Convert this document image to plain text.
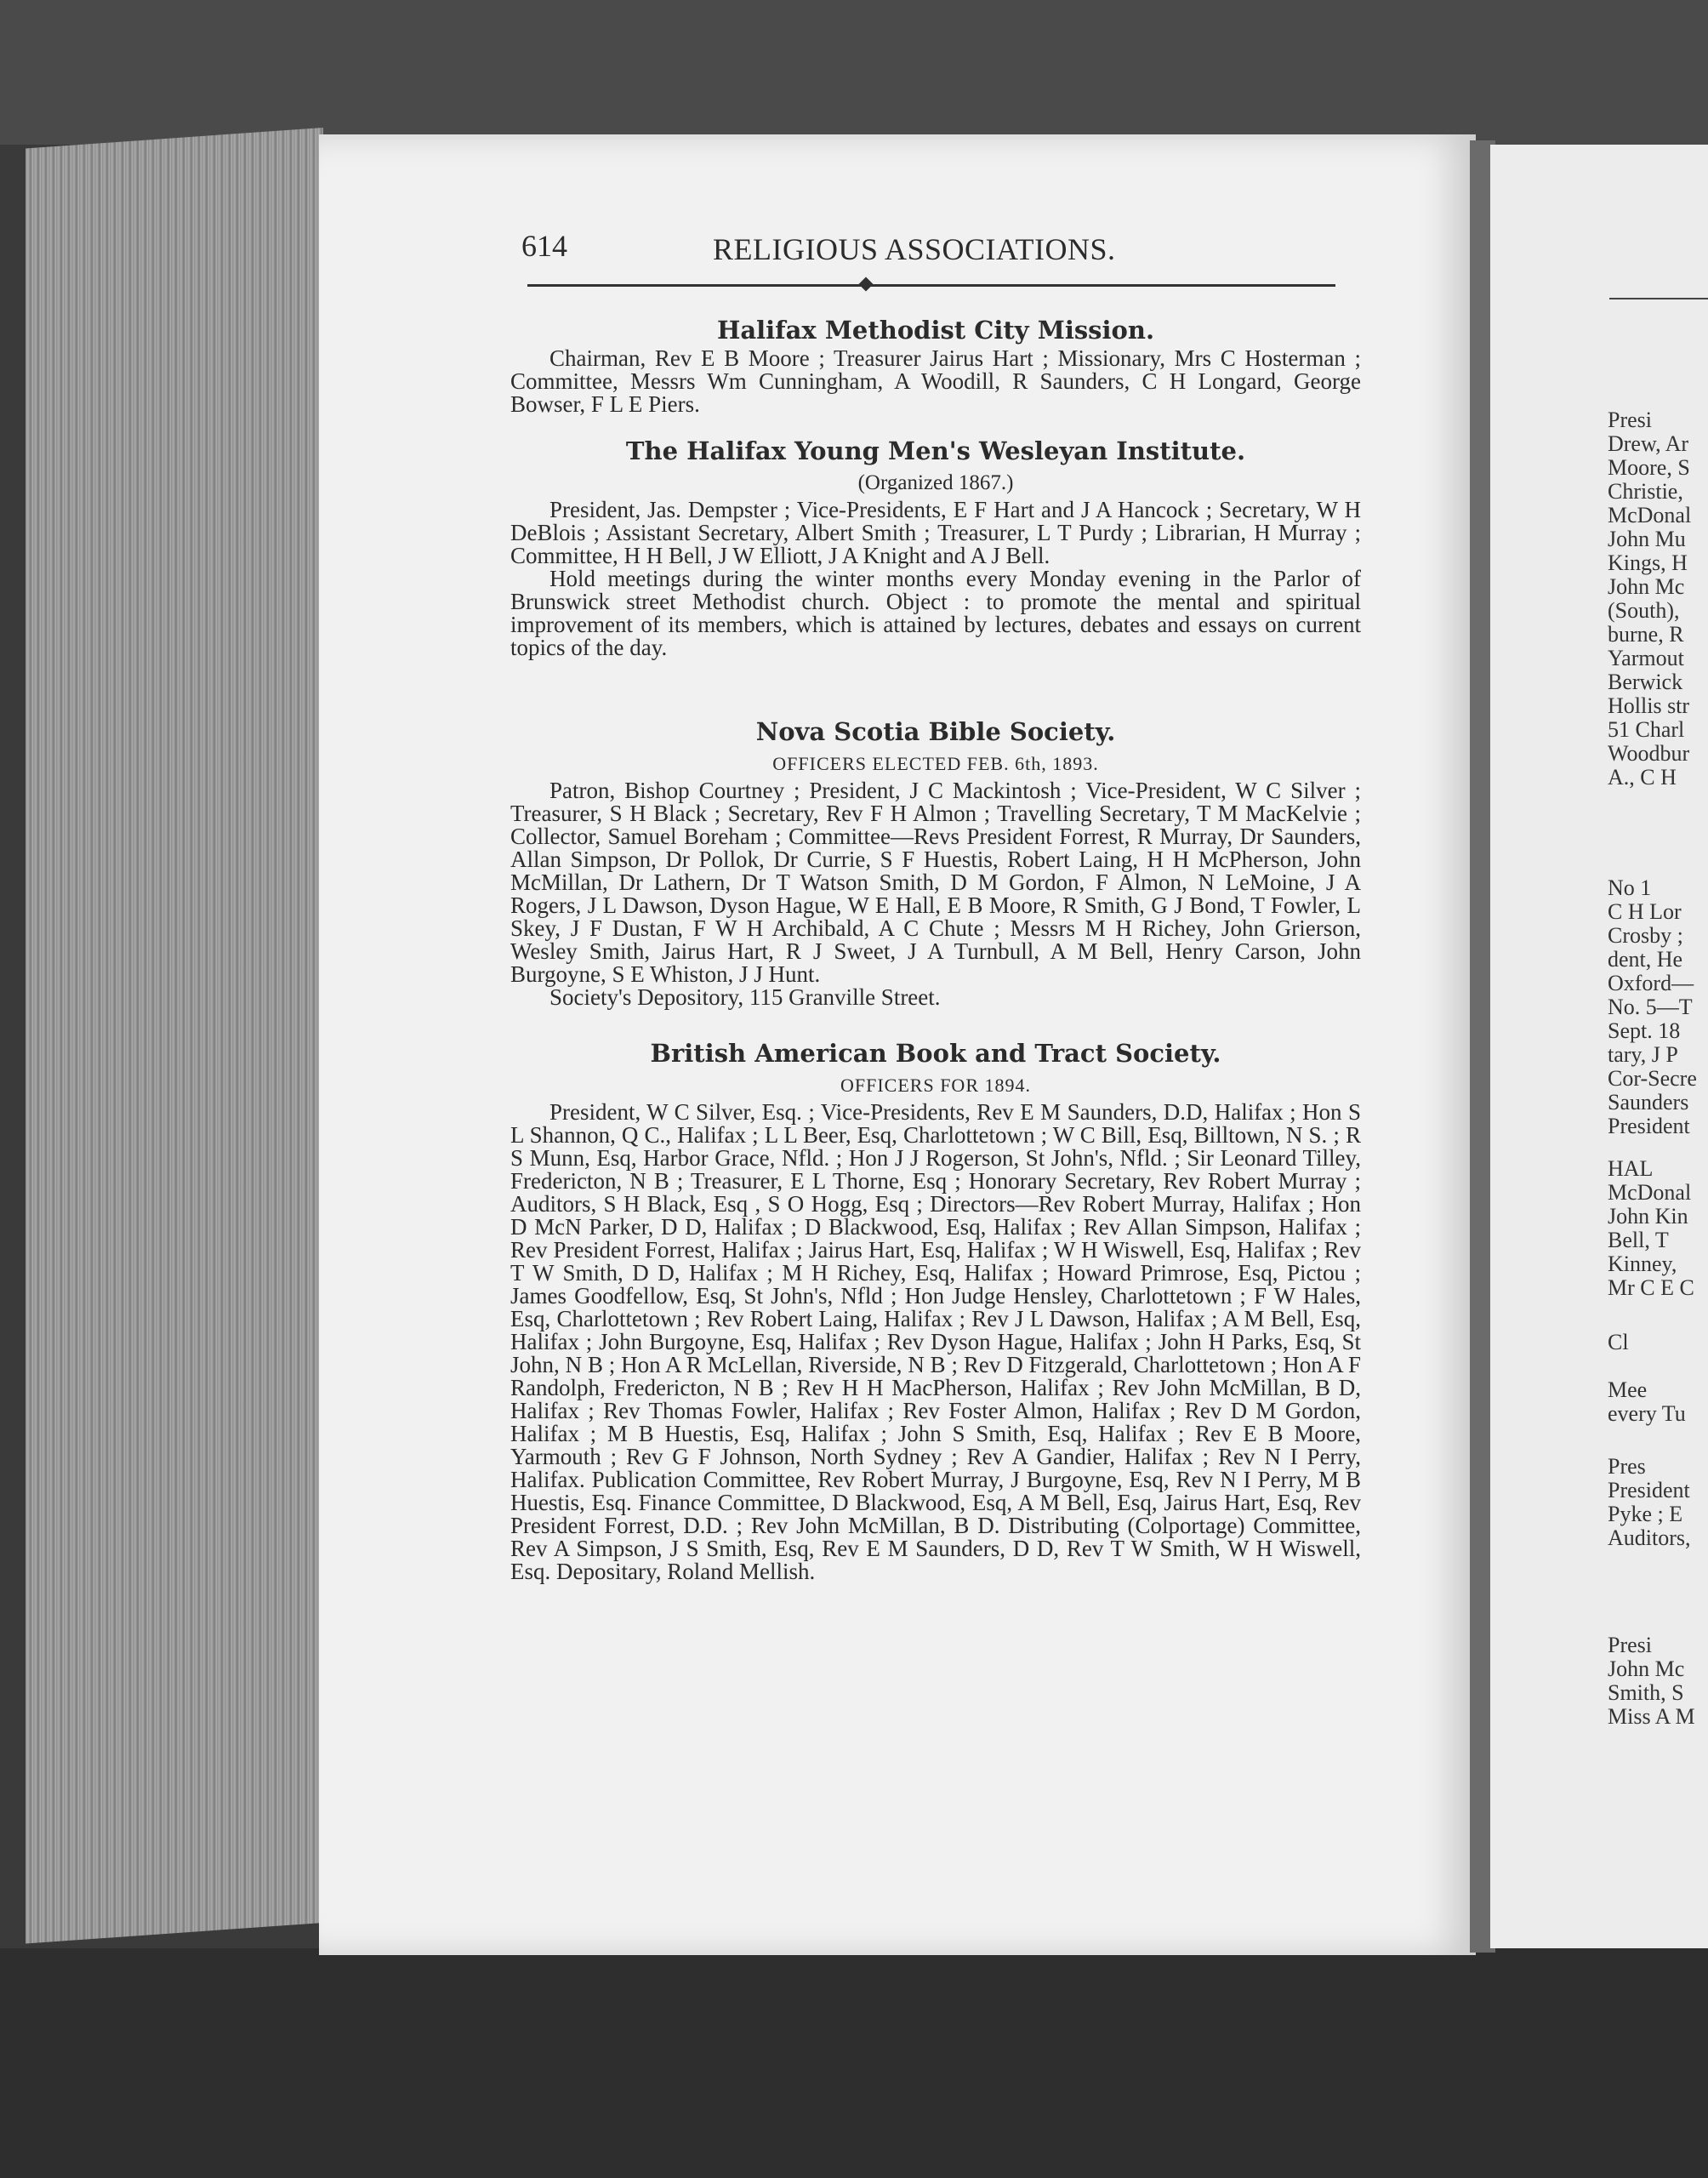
614	RELIGIOUS ASSOCIATIONS.
Halifax Methodist City Mission.

Chairman, Rev E B Moore ; Treasurer Jairus Hart ; Missionary, Mrs C Hosterman ; Committee, Messrs Wm Cunningham, A Woodill, R Saunders, C H Longard, George Bowser, F L E Piers.

The Halifax Young Men's Wesleyan Institute.
(Organized 1867.)

President, Jas. Dempster ; Vice-Presidents, E F Hart and J A Hancock ; Secretary, W H DeBlois ; Assistant Secretary, Albert Smith ; Treasurer, L T Purdy ; Librarian, H Murray ; Committee, H H Bell, J W Elliott, J A Knight and A J Bell.

Hold meetings during the winter months every Monday evening in the Parlor of Brunswick street Methodist church. Object : to promote the mental and spiritual improvement of its members, which is attained by lectures, debates and essays on current topics of the day.

Nova Scotia Bible Society.
OFFICERS ELECTED FEB. 6th, 1893.

Patron, Bishop Courtney ; President, J C Mackintosh ; Vice-President, W C Silver ; Treasurer, S H Black ; Secretary, Rev F H Almon ; Travelling Secretary, T M MacKelvie ; Collector, Samuel Boreham ; Committee—Revs President Forrest, R Murray, Dr Saunders, Allan Simpson, Dr Pollok, Dr Currie, S F Huestis, Robert Laing, H H McPherson, John McMillan, Dr Lathern, Dr T Watson Smith, D M Gordon, F Almon, N LeMoine, J A Rogers, J L Dawson, Dyson Hague, W E Hall, E B Moore, R Smith, G J Bond, T Fowler, L Skey, J F Dustan, F W H Archibald, A C Chute ; Messrs M H Richey, John Grierson, Wesley Smith, Jairus Hart, R J Sweet, J A Turnbull, A M Bell, Henry Carson, John Burgoyne, S E Whiston, J J Hunt.

Society's Depository, 115 Granville Street.

British American Book and Tract Society.
OFFICERS FOR 1894.

President, W C Silver, Esq. ; Vice-Presidents, Rev E M Saunders, D.D, Halifax ; Hon S L Shannon, Q C., Halifax ; L L Beer, Esq, Charlottetown ; W C Bill, Esq, Billtown, N S. ; R S Munn, Esq, Harbor Grace, Nfld. ; Hon J J Rogerson, St John's, Nfld. ; Sir Leonard Tilley, Fredericton, N B ; Treasurer, E L Thorne, Esq ; Honorary Secretary, Rev Robert Murray ; Auditors, S H Black, Esq , S O Hogg, Esq ; Directors—Rev Robert Murray, Halifax ; Hon D McN Parker, D D, Halifax ; D Blackwood, Esq, Halifax ; Rev Allan Simpson, Halifax ; Rev President Forrest, Halifax ; Jairus Hart, Esq, Halifax ; W H Wiswell, Esq, Halifax ; Rev T W Smith, D D, Halifax ; M H Richey, Esq, Halifax ; Howard Primrose, Esq, Pictou ; James Goodfellow, Esq, St John's, Nfld ; Hon Judge Hensley, Charlottetown ; F W Hales, Esq, Charlottetown ; Rev Robert Laing, Halifax ; Rev J L Dawson, Halifax ; A M Bell, Esq, Halifax ; John Burgoyne, Esq, Halifax ; Rev Dyson Hague, Halifax ; John H Parks, Esq, St John, N B ; Hon A R McLellan, Riverside, N B ; Rev D Fitzgerald, Charlottetown ; Hon A F Randolph, Fredericton, N B ; Rev H H MacPherson, Halifax ; Rev John McMillan, B D, Halifax ; Rev Thomas Fowler, Halifax ; Rev Foster Almon, Halifax ; Rev D M Gordon, Halifax ; M B Huestis, Esq, Halifax ; John S Smith, Esq, Halifax ; Rev E B Moore, Yarmouth ; Rev G F Johnson, North Sydney ; Rev A Gandier, Halifax ; Rev N I Perry, Halifax. Publication Committee, Rev Robert Murray, J Burgoyne, Esq, Rev N I Perry, M B Huestis, Esq. Finance Committee, D Blackwood, Esq, A M Bell, Esq, Jairus Hart, Esq, Rev President Forrest, D.D. ; Rev John McMillan, B D. Distributing (Colportage) Committee, Rev A Simpson, J S Smith, Esq, Rev E M Saunders, D D, Rev T W Smith, W H Wiswell, Esq. Depositary, Roland Mellish.

Presi
Drew, Ar
Moore, S
Christie,
McDonal
John Mu
Kings, H
John Mc
(South),
burne, R
Yarmout
Berwick
Hollis str
51 Charl
Woodbur
A., C H
No 1
C H Lor
Crosby ;
dent, He
Oxford—
No. 5—T
Sept. 18
tary, J P
Cor-Secre
Saunders
President
HAL
McDonal
John Kin
Bell, T
Kinney,
Mr C E C
Cl
Mee
every Tu
Pres
President
Pyke ; E
Auditors,
Presi
John Mc
Smith, S
Miss A M
